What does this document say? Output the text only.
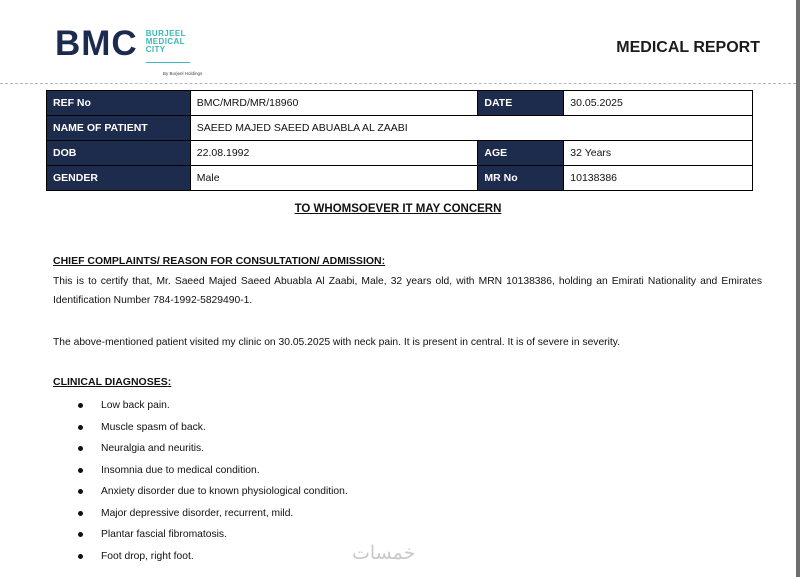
BMC BURJEEL
MEDICAL
CITY
By Burjeel Holdings
MEDICAL REPORT
REF No	BMC/MRD/MR/18960	DATE	30.05.2025
NAME OF PATIENT	SAEED MAJED SAEED ABUABLA AL ZAABI		
DOB	22.08.1992	AGE	32 Years
GENDER	Male	MR No	10138386
TO WHOMSOEVER IT MAY CONCERN
CHIEF COMPLAINTS/ REASON FOR CONSULTATION/ ADMISSION:
This is to certify that, Mr. Saeed Majed Saeed Abuabla Al Zaabi, Male, 32 years old, with MRN 10138386, holding an Emirati Nationality and Emirates Identification Number 784-1992-5829490-1.
The above-mentioned patient visited my clinic on 30.05.2025 with neck pain. It is present in central. It is of severe in severity.
CLINICAL DIAGNOSES:
Low back pain.
Muscle spasm of back.
Neuralgia and neuritis.
Insomnia due to medical condition.
Anxiety disorder due to known physiological condition.
Major depressive disorder, recurrent, mild.
Plantar fascial fibromatosis.
Foot drop, right foot.	خمسات
